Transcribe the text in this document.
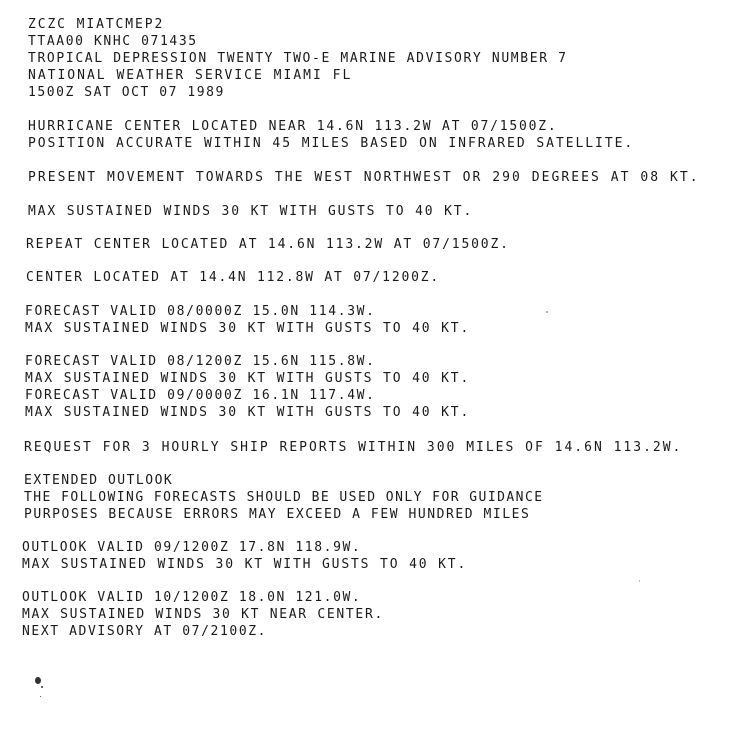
ZCZC MIATCMEP2
TTAA00 KNHC 071435
TROPICAL DEPRESSION TWENTY TWO-E MARINE ADVISORY NUMBER 7
NATIONAL WEATHER SERVICE MIAMI FL
1500Z SAT OCT 07 1989
HURRICANE CENTER LOCATED NEAR 14.6N 113.2W AT 07/1500Z.
POSITION ACCURATE WITHIN 45 MILES BASED ON INFRARED SATELLITE.
PRESENT MOVEMENT TOWARDS THE WEST NORTHWEST OR 290 DEGREES AT 08 KT.
MAX SUSTAINED WINDS 30 KT WITH GUSTS TO 40 KT.
REPEAT CENTER LOCATED AT 14.6N 113.2W AT 07/1500Z.
CENTER LOCATED AT 14.4N 112.8W AT 07/1200Z.
FORECAST VALID 08/0000Z 15.0N 114.3W.
MAX SUSTAINED WINDS 30 KT WITH GUSTS TO 40 KT.
FORECAST VALID 08/1200Z 15.6N 115.8W.
MAX SUSTAINED WINDS 30 KT WITH GUSTS TO 40 KT.
FORECAST VALID 09/0000Z 16.1N 117.4W.
MAX SUSTAINED WINDS 30 KT WITH GUSTS TO 40 KT.
REQUEST FOR 3 HOURLY SHIP REPORTS WITHIN 300 MILES OF 14.6N 113.2W.
EXTENDED OUTLOOK
THE FOLLOWING FORECASTS SHOULD BE USED ONLY FOR GUIDANCE
PURPOSES BECAUSE ERRORS MAY EXCEED A FEW HUNDRED MILES
OUTLOOK VALID 09/1200Z 17.8N 118.9W.
MAX SUSTAINED WINDS 30 KT WITH GUSTS TO 40 KT.
OUTLOOK VALID 10/1200Z 18.0N 121.0W.
MAX SUSTAINED WINDS 30 KT NEAR CENTER.
NEXT ADVISORY AT 07/2100Z.
